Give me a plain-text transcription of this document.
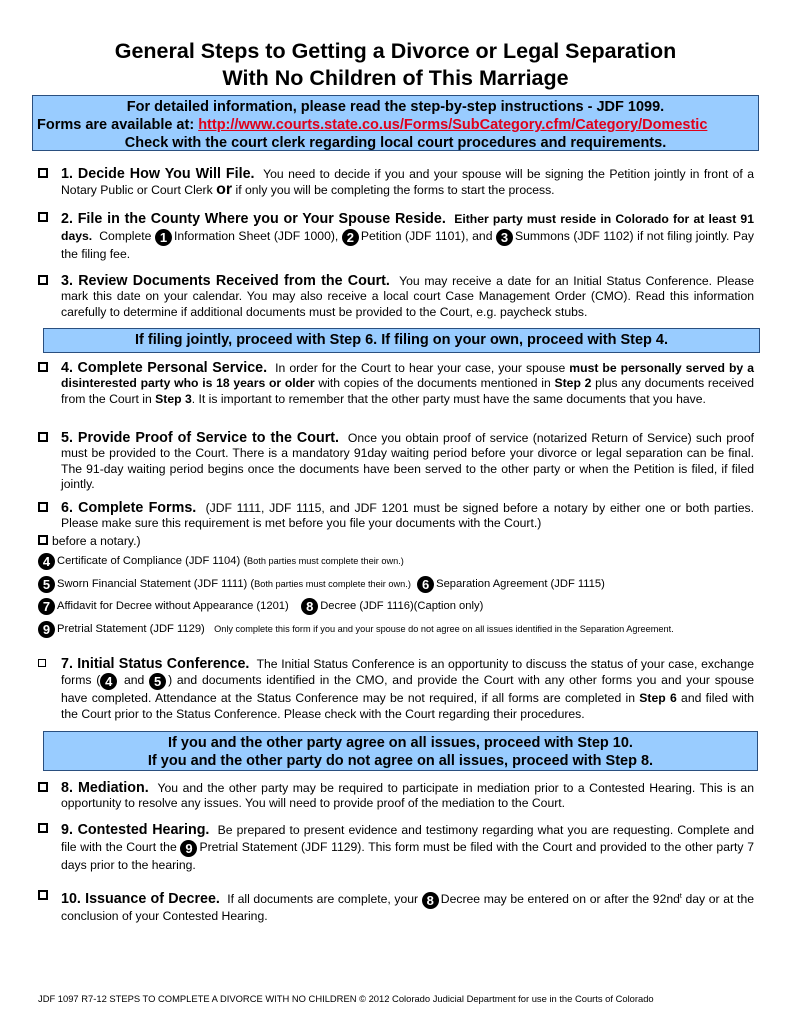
General Steps to Getting a Divorce or Legal Separation
With No Children of This Marriage
For detailed information, please read the step-by-step instructions - JDF 1099.
Forms are available at: http://www.courts.state.co.us/Forms/SubCategory.cfm/Category/Domestic
Check with the court clerk regarding local court procedures and requirements.
1. Decide How You Will File. You need to decide if you and your spouse will be signing the Petition jointly in front of a Notary Public or Court Clerk or if only you will be completing the forms to start the process.
2. File in the County Where you or Your Spouse Reside. Either party must reside in Colorado for at least 91 days. Complete 1 Information Sheet (JDF 1000), 2 Petition (JDF 1101), and 3 Summons (JDF 1102) if not filing jointly. Pay the filing fee.
3. Review Documents Received from the Court. You may receive a date for an Initial Status Conference. Please mark this date on your calendar. You may also receive a local court Case Management Order (CMO). Read this information carefully to determine if additional documents must be provided to the Court, e.g. paycheck stubs.
If filing jointly, proceed with Step 6. If filing on your own, proceed with Step 4.
4. Complete Personal Service. In order for the Court to hear your case, your spouse must be personally served by a disinterested party who is 18 years or older with copies of the documents mentioned in Step 2 plus any documents received from the Court in Step 3. It is important to remember that the other party must have the same documents that you have.
5. Provide Proof of Service to the Court. Once you obtain proof of service (notarized Return of Service) such proof must be provided to the Court. There is a mandatory 91day waiting period before your divorce or legal separation can be final. The 91-day waiting period begins once the documents have been served to the other party or when the Petition is filed, if filed jointly.
6. Complete Forms. (JDF 1111, JDF 1115, and JDF 1201 must be signed before a notary by either one or both parties. Please make sure this requirement is met before you file your documents with the Court.)
before a notary.)
4 Certificate of Compliance (JDF 1104) (Both parties must complete their own.)
5 Sworn Financial Statement (JDF 1111) (Both parties must complete their own.) 6 Separation Agreement (JDF 1115)
7 Affidavit for Decree without Appearance (1201) 8 Decree (JDF 1116)(Caption only)
9 Pretrial Statement (JDF 1129) Only complete this form if you and your spouse do not agree on all issues identified in the Separation Agreement.
7. Initial Status Conference. The Initial Status Conference is an opportunity to discuss the status of your case, exchange forms ( 4 and 5 ) and documents identified in the CMO, and provide the Court with any other forms you and your spouse have completed. Attendance at the Status Conference may be not required, if all forms are completed in Step 6 and filed with the Court prior to the Status Conference. Please check with the Court regarding their procedures.
If you and the other party agree on all issues, proceed with Step 10.
If you and the other party do not agree on all issues, proceed with Step 8.
8. Mediation. You and the other party may be required to participate in mediation prior to a Contested Hearing. This is an opportunity to resolve any issues. You will need to provide proof of the mediation to the Court.
9. Contested Hearing. Be prepared to present evidence and testimony regarding what you are requesting. Complete and file with the Court the 9 Pretrial Statement (JDF 1129). This form must be filed with the Court and provided to the other party 7 days prior to the hearing.
10. Issuance of Decree. If all documents are complete, your 8 Decree may be entered on or after the $92nd^t$ day or at the conclusion of your Contested Hearing.
JDF 1097 R7-12 STEPS TO COMPLETE A DIVORCE WITH NO CHILDREN © 2012 Colorado Judicial Department for use in the Courts of Colorado
